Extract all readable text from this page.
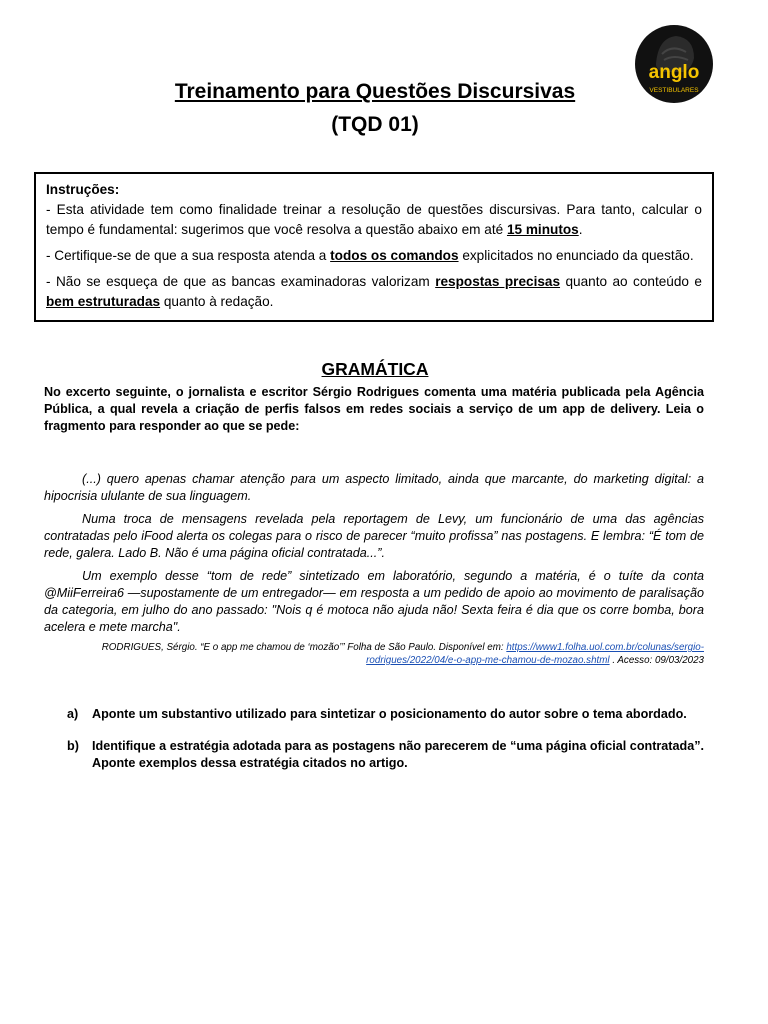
anglo
VESTIBULARES
Treinamento para Questões Discursivas
(TQD 01)

Instruções:

- Esta atividade tem como finalidade treinar a resolução de questões discursivas. Para tanto, calcular o tempo é fundamental: sugerimos que você resolva a questão abaixo em até 15 minutos.

- Certifique-se de que a sua resposta atenda a todos os comandos explicitados no enunciado da questão.

- Não se esqueça de que as bancas examinadoras valorizam respostas precisas quanto ao conteúdo e bem estruturadas quanto à redação.

GRAMÁTICA

No excerto seguinte, o jornalista e escritor Sérgio Rodrigues comenta uma matéria publicada pela Agência Pública, a qual revela a criação de perfis falsos em redes sociais a serviço de um app de delivery. Leia o fragmento para responder ao que se pede:

(...) quero apenas chamar atenção para um aspecto limitado, ainda que marcante, do marketing digital: a hipocrisia ululante de sua linguagem.

Numa troca de mensagens revelada pela reportagem de Levy, um funcionário de uma das agências contratadas pelo iFood alerta os colegas para o risco de parecer “muito profissa” nas postagens. E lembra: “É tom de rede, galera. Lado B. Não é uma página oficial contratada...”.

Um exemplo desse “tom de rede” sintetizado em laboratório, segundo a matéria, é o tuíte da conta @MiiFerreira6 —supostamente de um entregador— em resposta a um pedido de apoio ao movimento de paralisação da categoria, em julho do ano passado: "Nois q é motoca não ajuda não! Sexta feira é dia que os corre bomba, bora acelera e mete marcha".

RODRIGUES, Sérgio. “E o app me chamou de ‘mozão’” Folha de São Paulo. Disponível em: https://www1.folha.uol.com.br/colunas/sergio-rodrigues/2022/04/e-o-app-me-chamou-de-mozao.shtml . Acesso: 09/03/2023
a) Aponte um substantivo utilizado para sintetizar o posicionamento do autor sobre o tema abordado.
b) Identifique a estratégia adotada para as postagens não parecerem de “uma página oficial contratada”. Aponte exemplos dessa estratégia citados no artigo.
